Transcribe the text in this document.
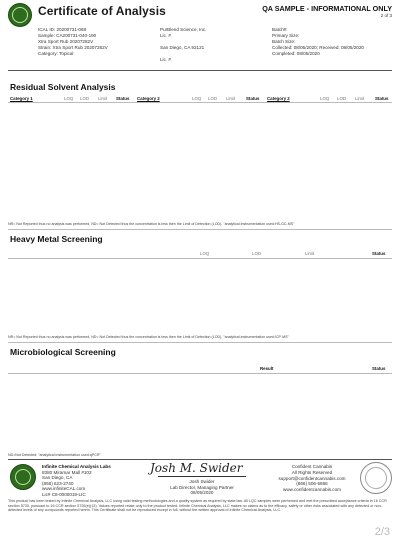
Certificate of Analysis	QA SAMPLE - INFORMATIONAL ONLY
2 of 3
ICAL ID: 20200731-068
Sample: CA200731-040-190
Xtra Sport Rub 20207282V
Strain: Xtra Sport Rub 20207282V
Category: Topical
PurBlend Science, Inc.
Lic. #

San Diego, CA 92121

Lic. #
Batch#:
Primary Size:
Batch Size:
Collected: 08/05/2020; Received: 08/05/2020
Completed: 08/05/2020
Residual Solvent Analysis
Category 1	LOQ LOD Limit Status Category 2	LOQ LOD Limit Status Category 2	LOQ LOD Limit Status
NR= Not Reported thus no analysis was performed, ND= Not Detected thus the concentration is less then the Limit of Detection (LOD). "analytical instrumentation used:HS-GC-MS"
Heavy Metal Screening
LOQ	LOD	Limit	Status
NR= Not Reported thus no analysis was performed, ND= Not Detected thus the concentration is less then the Limit of Detection (LOD). "analytical instrumentation used:ICP-MS"
Microbiological Screening
Result	Status
ND=Not Detected; "analytical instrumentation used:qPCR"
Infinite Chemical Analysis Labs
8380 Miramar Mall #102
San Diego, CA
(858) 623-2740
www.infiniteCAL.com
Lic# C8-0000019-LIC
Josh M. Swider
Josh Swider
Lab Director, Managing Partner
08/05/2020
Confident Cannabis
All Rights Reserved
support@confidentcannabis.com
(866) 506-5866
www.confidentcannabis.com
This product has been tested by Infinite Chemical Analysis, LLC using valid testing methodologies and a quality system as required by state law. All LQC samples were performed and met the prescribed acceptance criteria in 16 CCR section 5730, pursuant to 16 CCR section 5726(e)(13). Values reported relate only to the product tested. Infinite Chemical Analysis, LLC makes no claims as to the efficacy, safety or other risks associated with any detected or non-detected levels of any compounds reported herein. This Certificate shall not be reproduced except in full, without the written approval of Infinite Chemical Analysis, LLC.
2/3
